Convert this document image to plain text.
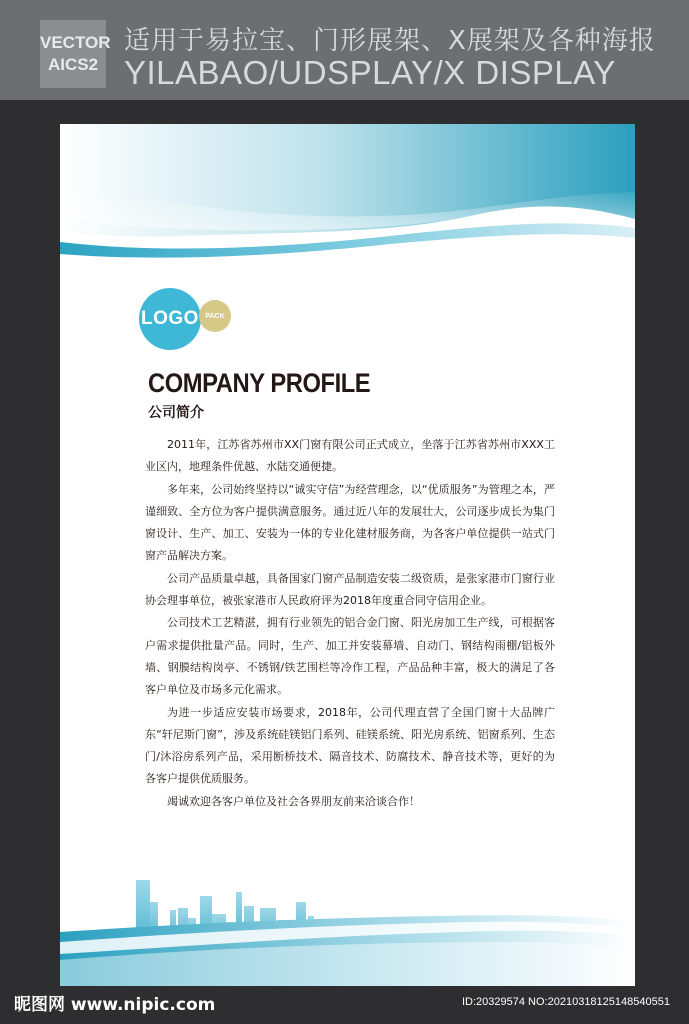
VECTOR
AICS2
适用于易拉宝、门形展架、X展架及各种海报
YILABAO/UDSPLAY/X DISPLAY
LOGO PACK
COMPANY PROFILE
公司简介

2011年，江苏省苏州市XX门窗有限公司正式成立，坐落于江苏省苏州市XXX工业区内，地理条件优越、水陆交通便捷。

多年来，公司始终坚持以“诚实守信”为经营理念，以“优质服务”为管理之本，严谨细致、全方位为客户提供满意服务。通过近八年的发展壮大，公司逐步成长为集门窗设计、生产、加工、安装为一体的专业化建材服务商，为各客户单位提供一站式门窗产品解决方案。

公司产品质量卓越，具备国家门窗产品制造安装二级资质，是张家港市门窗行业协会理事单位，被张家港市人民政府评为2018年度重合同守信用企业。

公司技术工艺精湛，拥有行业领先的铝合金门窗、阳光房加工生产线，可根据客户需求提供批量产品。同时，生产、加工并安装幕墙、自动门、钢结构雨棚/铝板外墙、钢膜结构岗亭、不锈钢/铁艺围栏等冷作工程，产品品种丰富，极大的满足了各客户单位及市场多元化需求。

为进一步适应安装市场要求，2018年，公司代理直营了全国门窗十大品牌广东“轩尼斯门窗”，涉及系统硅镁铝门系列、硅镁系统、阳光房系统、铝窗系列、生态门/沐浴房系列产品，采用断桥技术、隔音技术、防腐技术、静音技术等，更好的为各客户提供优质服务。

竭诚欢迎各客户单位及社会各界朋友前来洽谈合作！

昵图网 www.nipic.com	ID:20329574 NO:20210318125148540551
